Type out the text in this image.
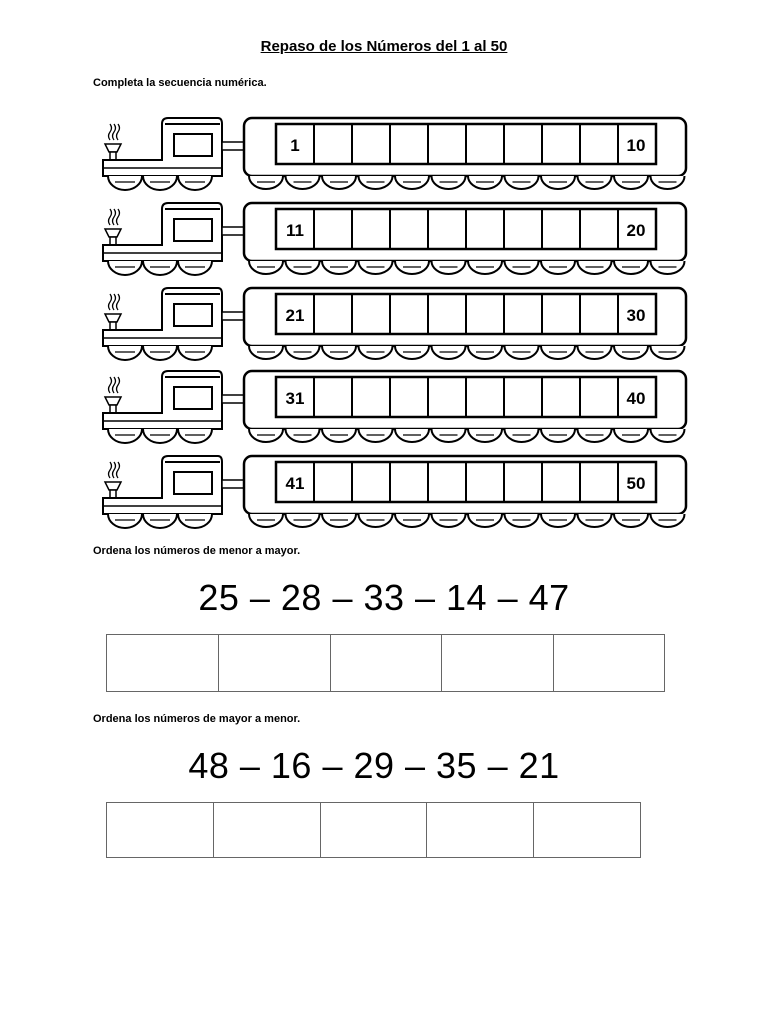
Repaso de los Números del 1 al 50

Completa la secuencia numérica.

1	10
11	20
21	30
31	40
41	50

Ordena los números de menor a mayor.

25 – 28 – 33 – 14 – 47

Ordena los números de mayor a menor.

48 – 16 – 29 – 35 – 21
